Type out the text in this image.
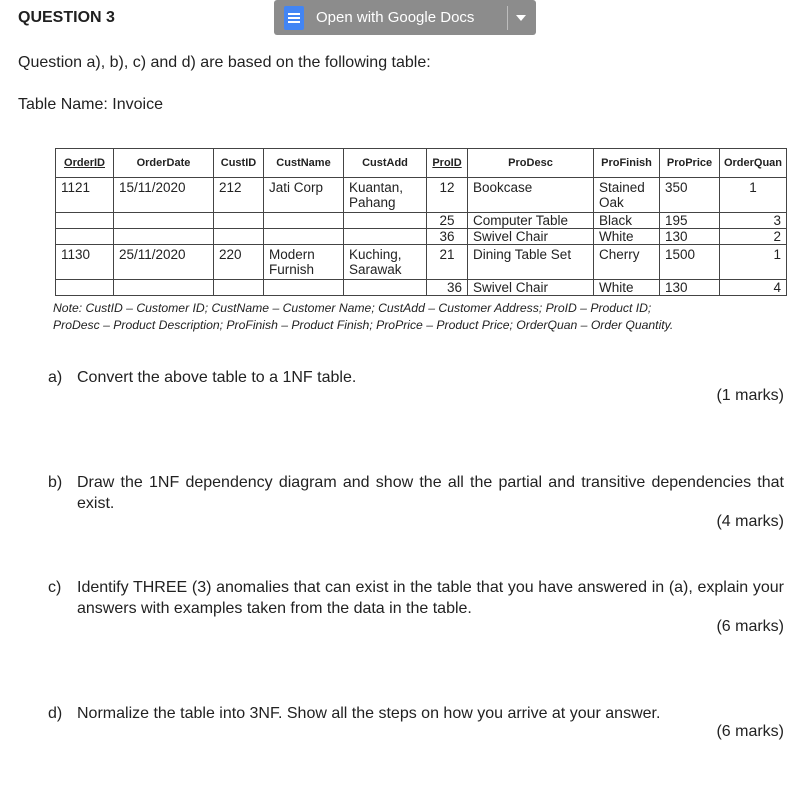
QUESTION 3	Open with Google Docs
Question a), b), c) and d) are based on the following table:
Table Name: Invoice
OrderID	OrderDate	CustID	CustName	CustAdd	ProID	ProDesc	ProFinish	ProPrice	OrderQuan
1121	15/11/2020	212	Jati Corp	Kuantan, Pahang	12	Bookcase	Stained Oak	350	1
					25	Computer Table	Black	195	3
					36	Swivel Chair	White	130	2
1130	25/11/2020	220	Modern Furnish	Kuching, Sarawak	21	Dining Table Set	Cherry	1500	1
					36	Swivel Chair	White	130	4
Note: CustID – Customer ID; CustName – Customer Name; CustAdd – Customer Address; ProID – Product ID;
ProDesc – Product Description; ProFinish – Product Finish; ProPrice – Product Price; OrderQuan – Order Quantity.
a) Convert the above table to a 1NF table.
(1 marks)
b) Draw the 1NF dependency diagram and show the all the partial and transitive dependencies that exist.
(4 marks)
c) Identify THREE (3) anomalies that can exist in the table that you have answered in (a), explain your answers with examples taken from the data in the table.
(6 marks)
d) Normalize the table into 3NF. Show all the steps on how you arrive at your answer.
(6 marks)
